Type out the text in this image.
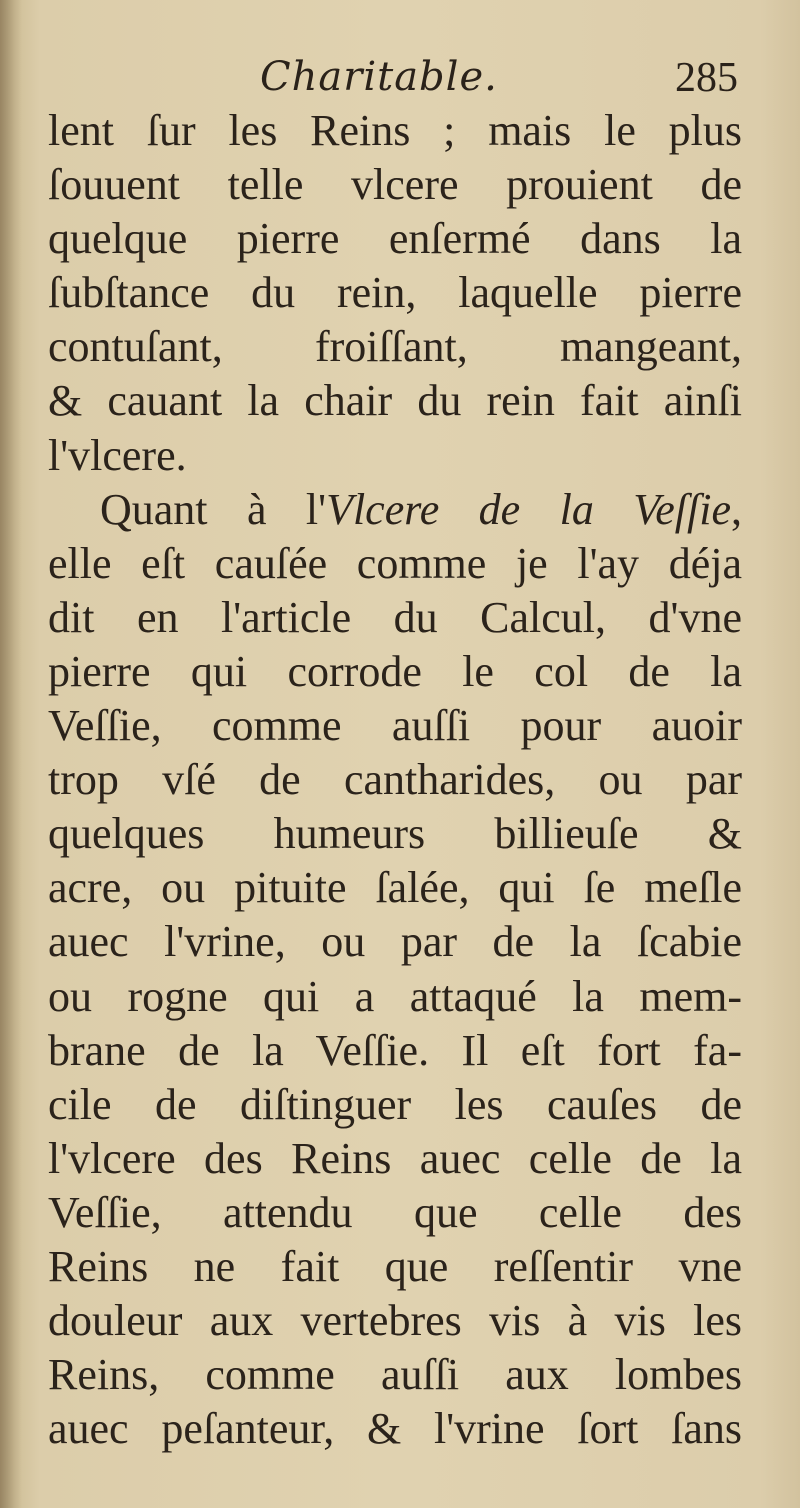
Charitable.	285
lent ſur les Reins ; mais le plus
ſouuent telle vlcere prouient de
quelque pierre enſermé dans la
ſubſtance du rein, laquelle pierre
contuſant, froiſſant, mangeant,
& cauant la chair du rein fait ainſi
l'vlcere.
Quant à l'Vlcere de la Veſſie,
elle eſt cauſée comme je l'ay déja
dit en l'article du Calcul, d'vne
pierre qui corrode le col de la
Veſſie, comme auſſi pour auoir
trop vſé de cantharides, ou par
quelques humeurs billieuſe &
acre, ou pituite ſalée, qui ſe meſle
auec l'vrine, ou par de la ſcabie
ou rogne qui a attaqué la mem-
brane de la Veſſie. Il eſt fort fa-
cile de diſtinguer les cauſes de
l'vlcere des Reins auec celle de la
Veſſie, attendu que celle des
Reins ne fait que reſſentir vne
douleur aux vertebres vis à vis les
Reins, comme auſſi aux lombes
auec peſanteur, & l'vrine ſort ſans
